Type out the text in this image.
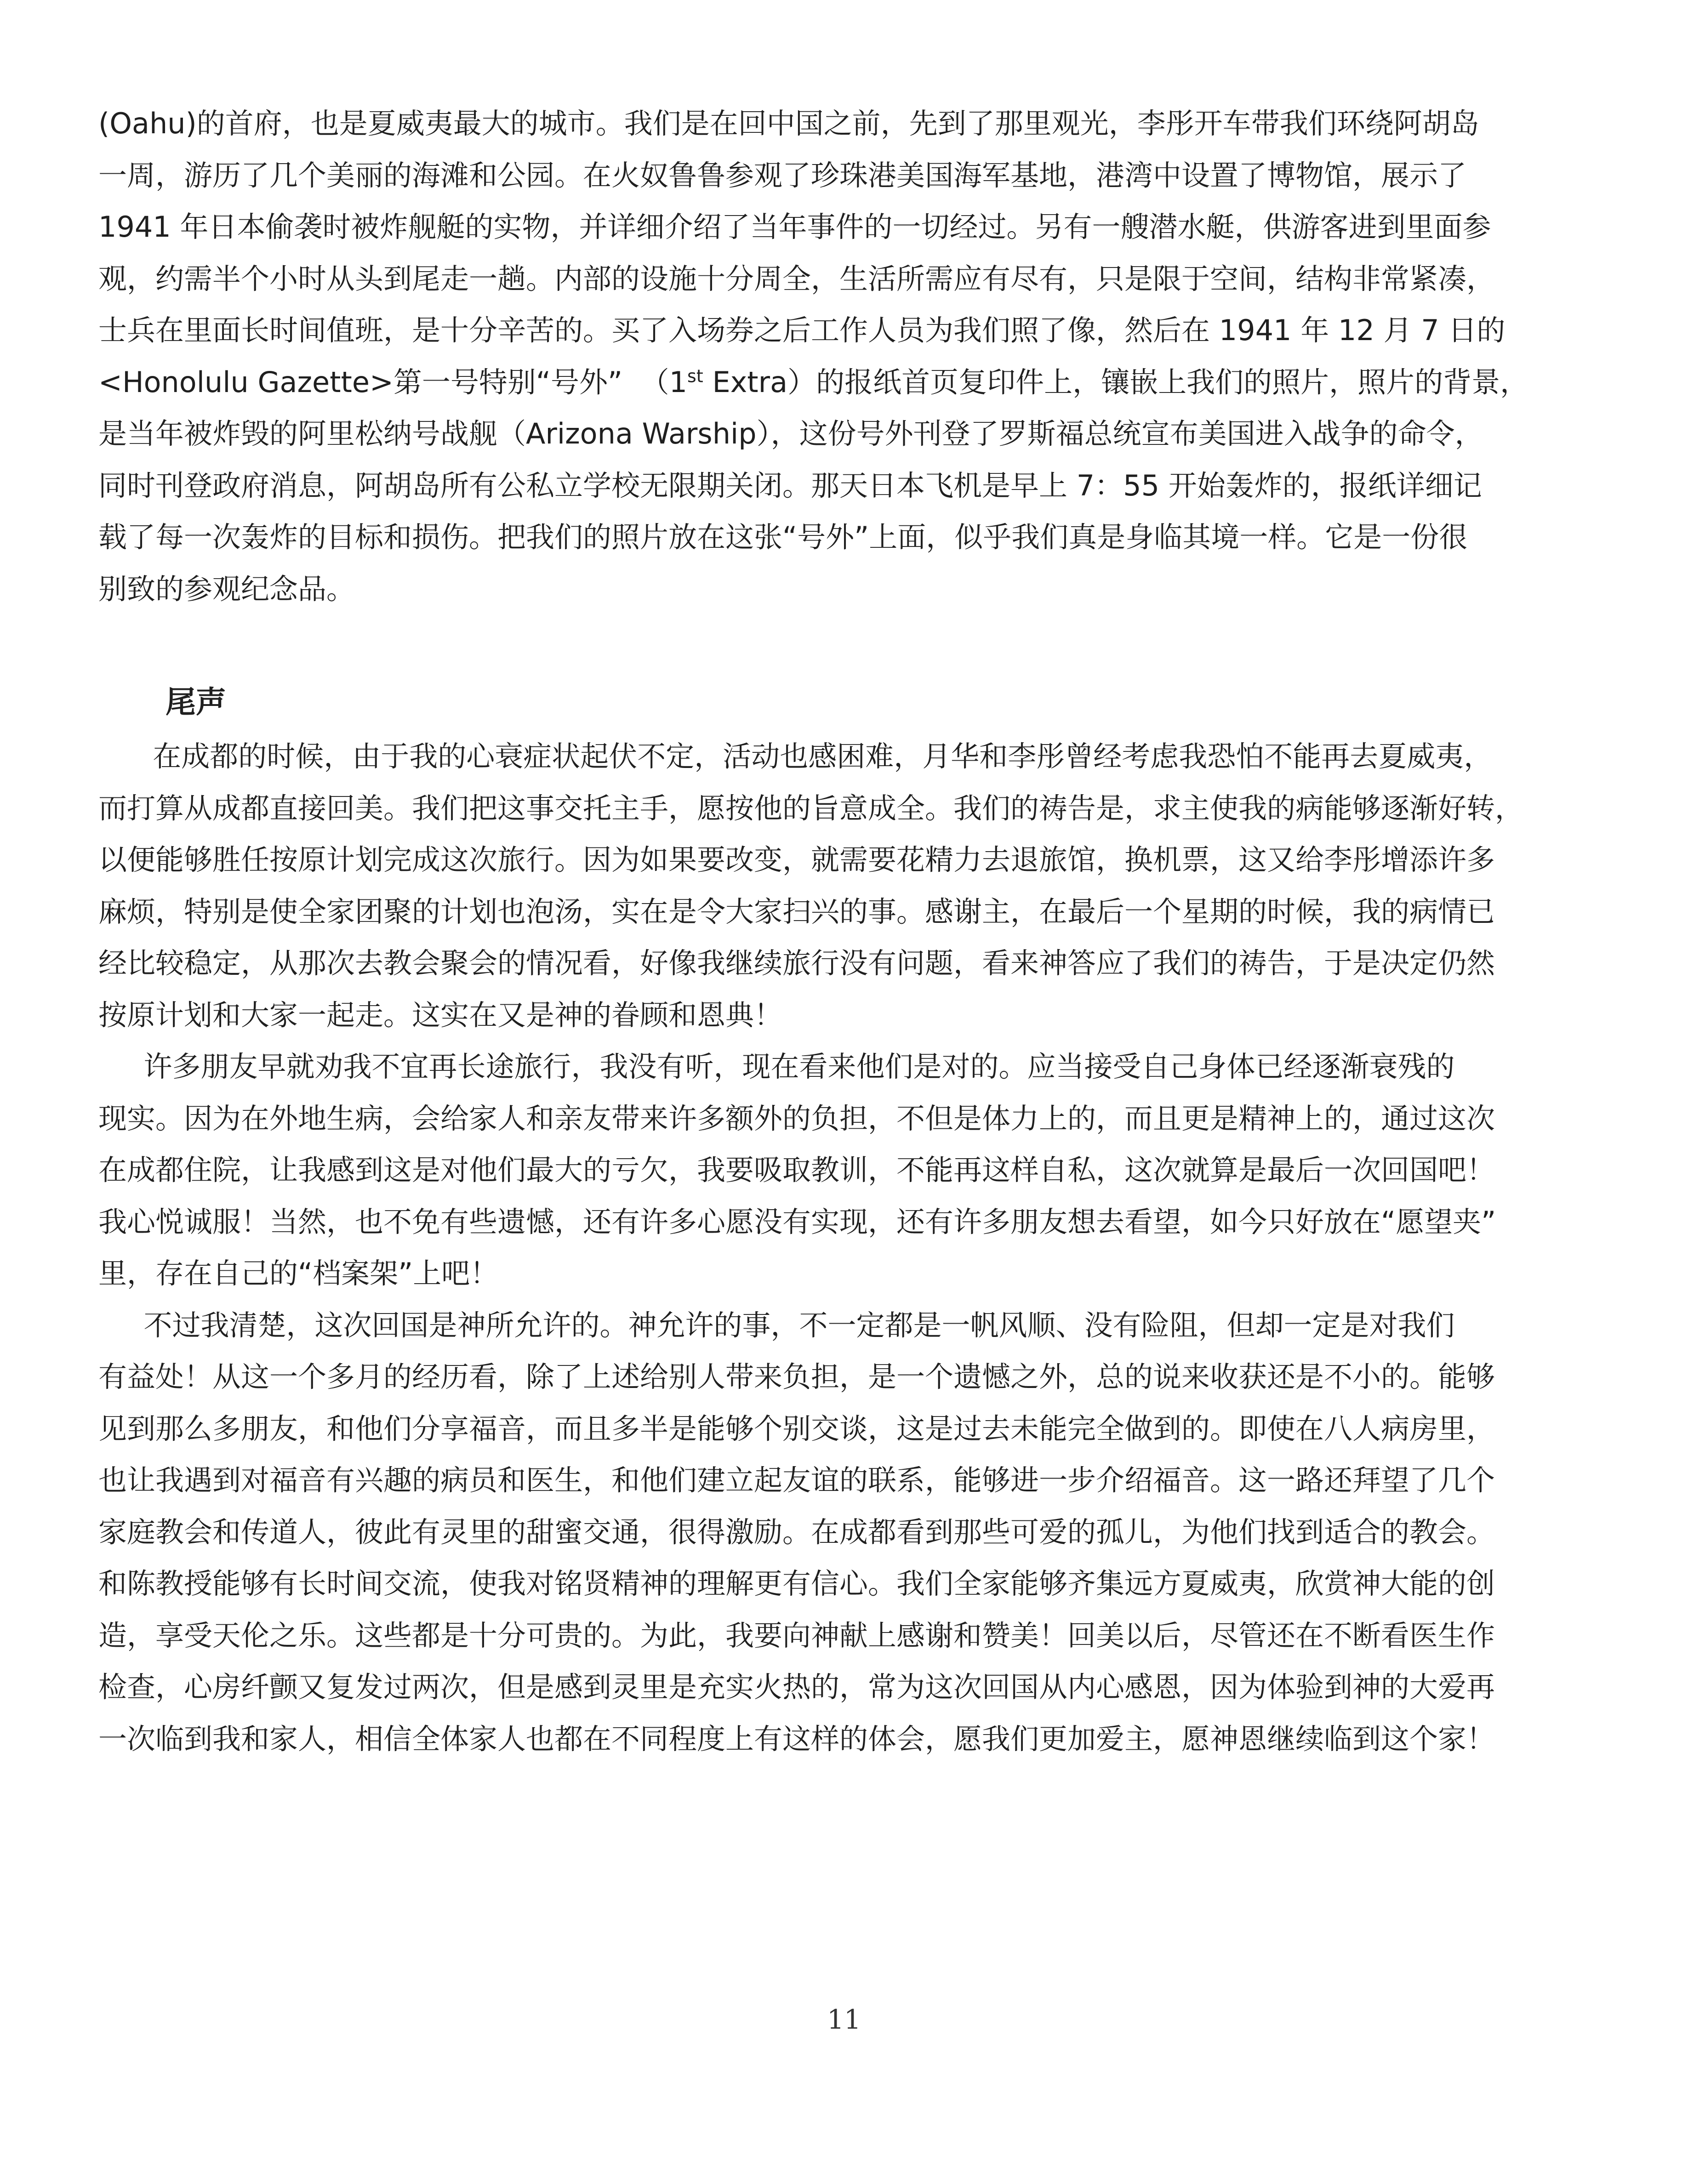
(Oahu)的首府，也是夏威夷最大的城市。我们是在回中国之前，先到了那里观光，李彤开车带我们环绕阿胡岛
一周，游历了几个美丽的海滩和公园。在火奴鲁鲁参观了珍珠港美国海军基地，港湾中设置了博物馆，展示了
1941 年日本偷袭时被炸舰艇的实物，并详细介绍了当年事件的一切经过。另有一艘潜水艇，供游客进到里面参
观，约需半个小时从头到尾走一趟。内部的设施十分周全，生活所需应有尽有，只是限于空间，结构非常紧凑，
士兵在里面长时间值班，是十分辛苦的。买了入场券之后工作人员为我们照了像，然后在 1941 年 12 月 7 日的
<Honolulu Gazette>第一号特别“号外”  （1st Extra）的报纸首页复印件上，镶嵌上我们的照片，照片的背景，
是当年被炸毁的阿里松纳号战舰（Arizona Warship），这份号外刊登了罗斯福总统宣布美国进入战争的命令，
同时刊登政府消息，阿胡岛所有公私立学校无限期关闭。那天日本飞机是早上 7：55 开始轰炸的，报纸详细记
载了每一次轰炸的目标和损伤。把我们的照片放在这张“号外”上面，似乎我们真是身临其境一样。它是一份很
别致的参观纪念品。
尾声
在成都的时候，由于我的心衰症状起伏不定，活动也感困难，月华和李彤曾经考虑我恐怕不能再去夏威夷，
而打算从成都直接回美。我们把这事交托主手，愿按他的旨意成全。我们的祷告是，求主使我的病能够逐渐好转，
以便能够胜任按原计划完成这次旅行。因为如果要改变，就需要花精力去退旅馆，换机票，这又给李彤增添许多
麻烦，特别是使全家团聚的计划也泡汤，实在是令大家扫兴的事。感谢主，在最后一个星期的时候，我的病情已
经比较稳定，从那次去教会聚会的情况看，好像我继续旅行没有问题，看来神答应了我们的祷告，于是决定仍然
按原计划和大家一起走。这实在又是神的眷顾和恩典！
许多朋友早就劝我不宜再长途旅行，我没有听，现在看来他们是对的。应当接受自己身体已经逐渐衰残的
现实。因为在外地生病，会给家人和亲友带来许多额外的负担，不但是体力上的，而且更是精神上的，通过这次
在成都住院，让我感到这是对他们最大的亏欠，我要吸取教训，不能再这样自私，这次就算是最后一次回国吧！
我心悦诚服！当然，也不免有些遗憾，还有许多心愿没有实现，还有许多朋友想去看望，如今只好放在“愿望夹”
里，存在自己的“档案架”上吧！
不过我清楚，这次回国是神所允许的。神允许的事，不一定都是一帆风顺、没有险阻，但却一定是对我们
有益处！从这一个多月的经历看，除了上述给别人带来负担，是一个遗憾之外，总的说来收获还是不小的。能够
见到那么多朋友，和他们分享福音，而且多半是能够个别交谈，这是过去未能完全做到的。即使在八人病房里，
也让我遇到对福音有兴趣的病员和医生，和他们建立起友谊的联系，能够进一步介绍福音。这一路还拜望了几个
家庭教会和传道人，彼此有灵里的甜蜜交通，很得激励。在成都看到那些可爱的孤儿，为他们找到适合的教会。
和陈教授能够有长时间交流，使我对铭贤精神的理解更有信心。我们全家能够齐集远方夏威夷，欣赏神大能的创
造，享受天伦之乐。这些都是十分可贵的。为此，我要向神献上感谢和赞美！回美以后，尽管还在不断看医生作
检查，心房纤颤又复发过两次，但是感到灵里是充实火热的，常为这次回国从内心感恩，因为体验到神的大爱再
一次临到我和家人，相信全体家人也都在不同程度上有这样的体会，愿我们更加爱主，愿神恩继续临到这个家！
11
